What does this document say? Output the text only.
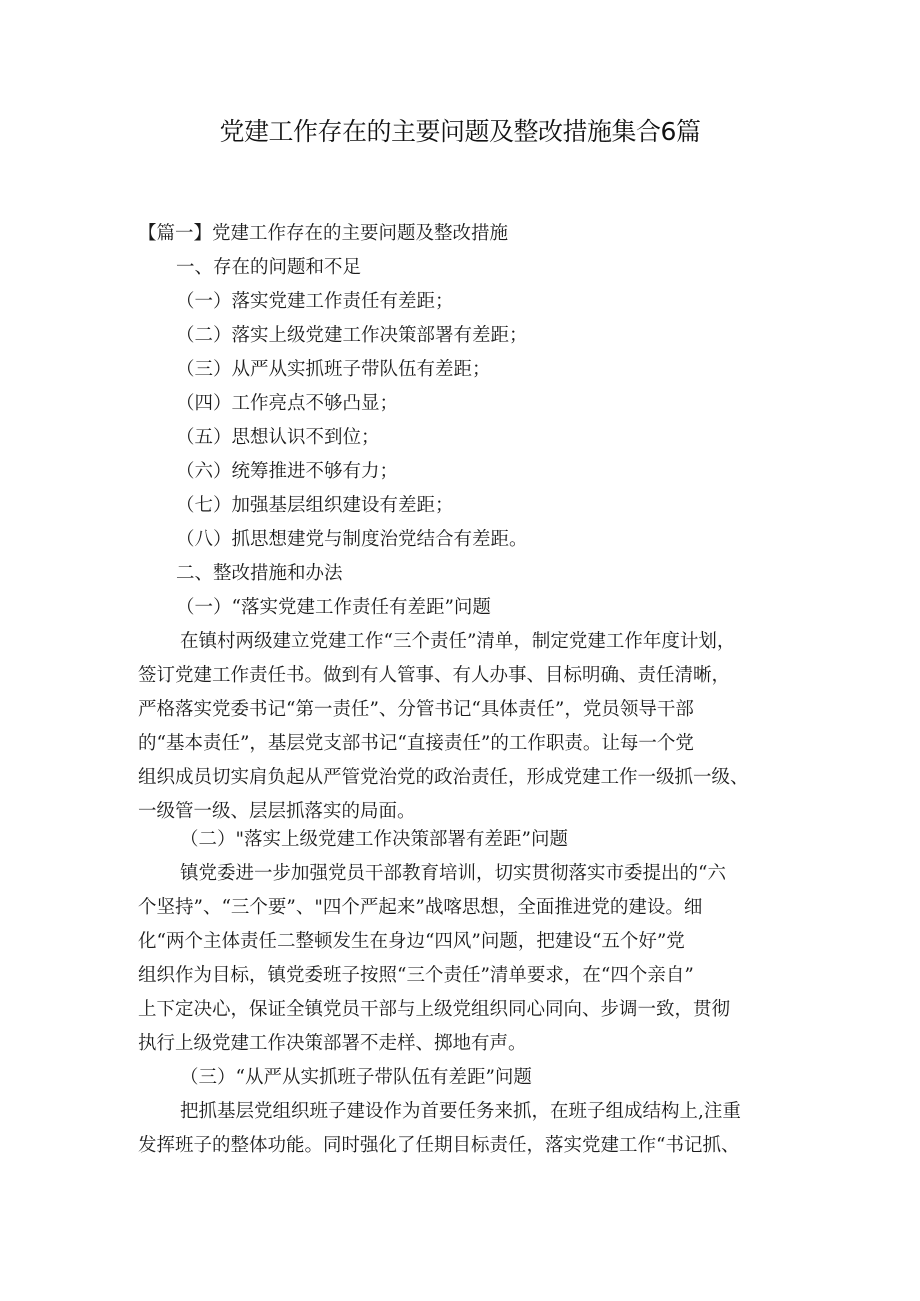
党建工作存在的主要问题及整改措施集合6篇
【篇一】党建工作存在的主要问题及整改措施
一、存在的问题和不足
（一）落实党建工作责任有差距；
（二）落实上级党建工作决策部署有差距；
（三）从严从实抓班子带队伍有差距；
（四）工作亮点不够凸显；
（五）思想认识不到位；
（六）统筹推进不够有力；
（七）加强基层组织建设有差距；
（八）抓思想建党与制度治党结合有差距。
二、整改措施和办法
（一）“落实党建工作责任有差距”问题
在镇村两级建立党建工作“三个责任”清单，制定党建工作年度计划，
签订党建工作责任书。做到有人管事、有人办事、目标明确、责任清晰，
严格落实党委书记“第一责任”、分管书记“具体责任”，党员领导干部
的“基本责任”，基层党支部书记“直接责任”的工作职责。让每一个党
组织成员切实肩负起从严管党治党的政治责任，形成党建工作一级抓一级、
一级管一级、层层抓落实的局面。
（二）"落实上级党建工作决策部署有差距”问题
镇党委进一步加强党员干部教育培训，切实贯彻落实市委提出的“六
个坚持”、“三个要”、"四个严起来”战喀思想，全面推进党的建设。细
化“两个主体责任二整顿发生在身边“四风”问题，把建设“五个好”党
组织作为目标，镇党委班子按照“三个责任”清单要求，在“四个亲自”
上下定决心，保证全镇党员干部与上级党组织同心同向、步调一致，贯彻
执行上级党建工作决策部署不走样、掷地有声。
（三）“从严从实抓班子带队伍有差距”问题
把抓基层党组织班子建设作为首要任务来抓，在班子组成结构上,注重
发挥班子的整体功能。同时强化了任期目标责任，落实党建工作“书记抓、
